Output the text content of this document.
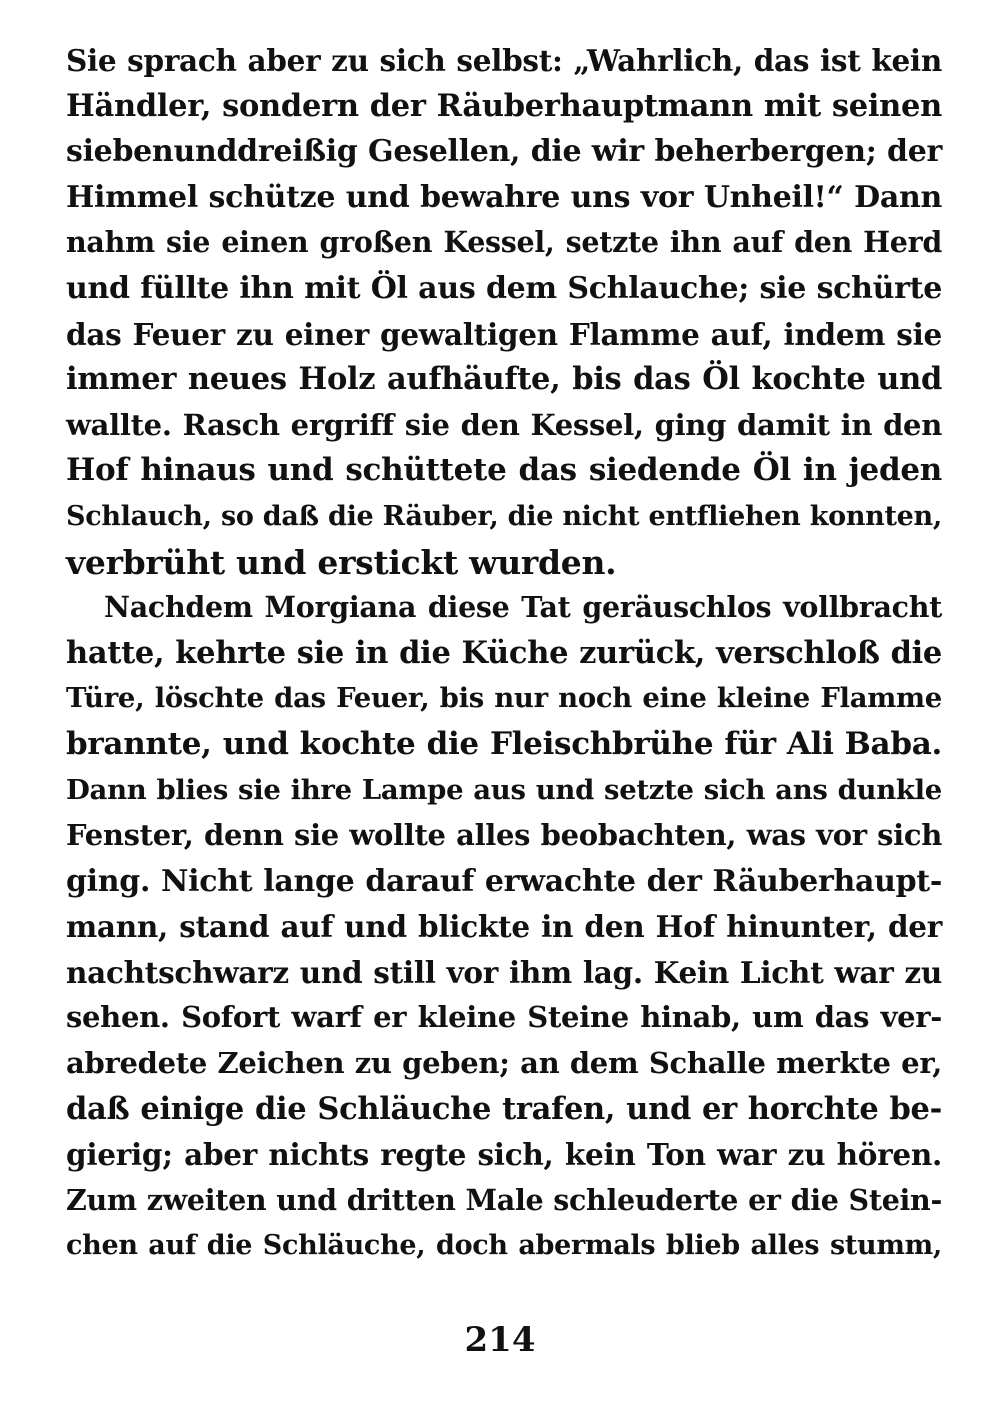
Sie sprach aber zu sich selbst: „Wahrlich, das ist kein
Händler, sondern der Räuberhauptmann mit seinen
siebenunddreißig Gesellen, die wir beherbergen; der
Himmel schütze und bewahre uns vor Unheil!“ Dann
nahm sie einen großen Kessel, setzte ihn auf den Herd
und füllte ihn mit Öl aus dem Schlauche; sie schürte
das Feuer zu einer gewaltigen Flamme auf, indem sie
immer neues Holz aufhäufte, bis das Öl kochte und
wallte. Rasch ergriff sie den Kessel, ging damit in den
Hof hinaus und schüttete das siedende Öl in jeden
Schlauch, so daß die Räuber, die nicht entfliehen konnten,
verbrüht und erstickt wurden.
Nachdem Morgiana diese Tat geräuschlos vollbracht
hatte, kehrte sie in die Küche zurück, verschloß die
Türe, löschte das Feuer, bis nur noch eine kleine Flamme
brannte, und kochte die Fleischbrühe für Ali Baba.
Dann blies sie ihre Lampe aus und setzte sich ans dunkle
Fenster, denn sie wollte alles beobachten, was vor sich
ging. Nicht lange darauf erwachte der Räuberhaupt-
mann, stand auf und blickte in den Hof hinunter, der
nachtschwarz und still vor ihm lag. Kein Licht war zu
sehen. Sofort warf er kleine Steine hinab, um das ver-
abredete Zeichen zu geben; an dem Schalle merkte er,
daß einige die Schläuche trafen, und er horchte be-
gierig; aber nichts regte sich, kein Ton war zu hören.
Zum zweiten und dritten Male schleuderte er die Stein-
chen auf die Schläuche, doch abermals blieb alles stumm,
214
